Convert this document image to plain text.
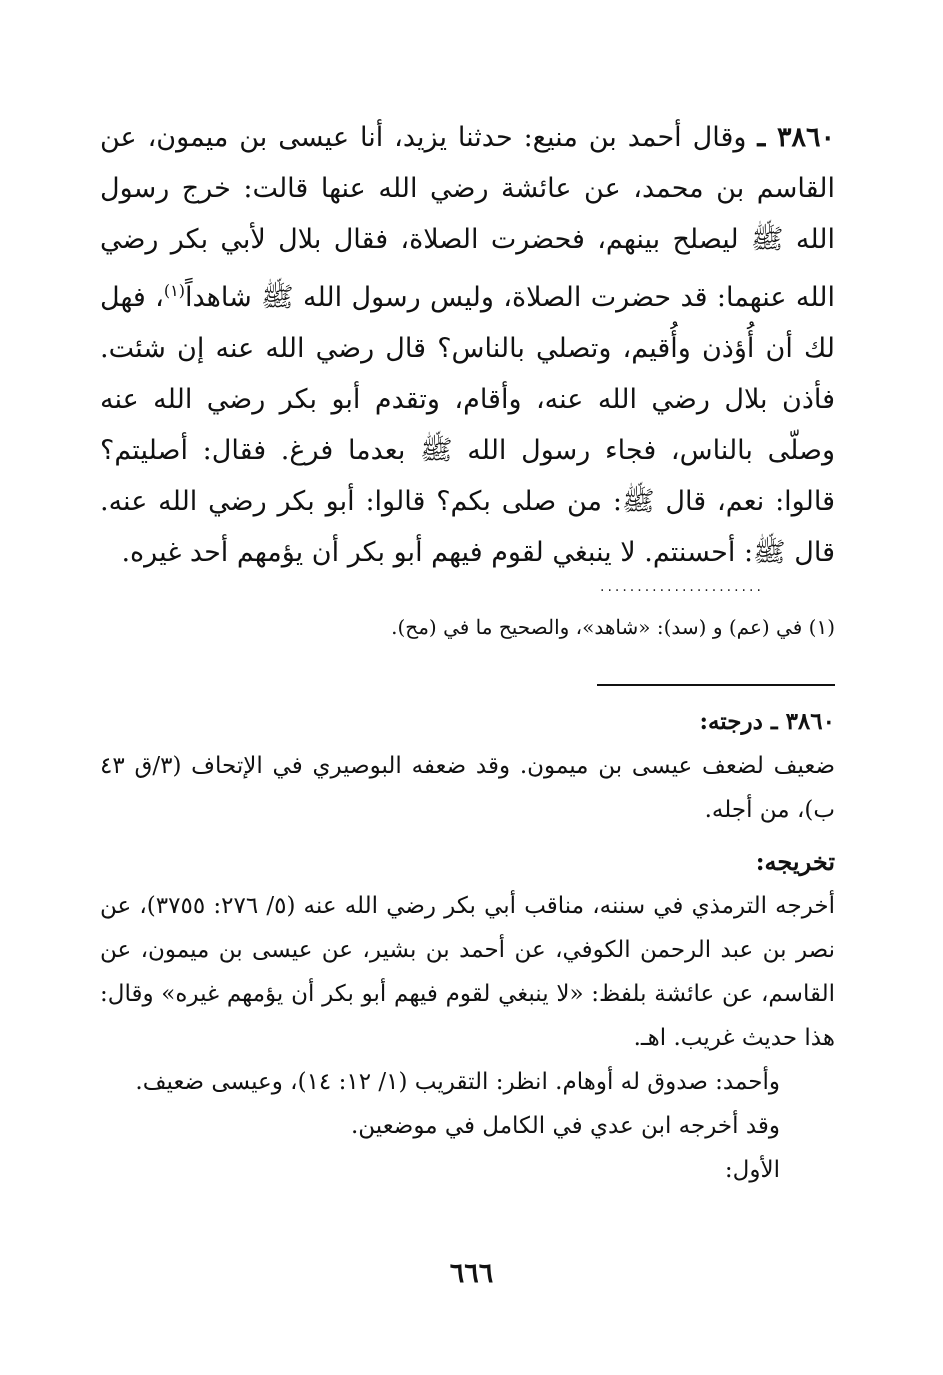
٣٨٦٠ ـ وقال أحمد بن منيع: حدثنا يزيد، أنا عيسى بن ميمون، عن القاسم بن محمد، عن عائشة رضي الله عنها قالت: خرج رسول الله ﷺ ليصلح بينهم، فحضرت الصلاة، فقال بلال لأبي بكر رضي الله عنهما: قد حضرت الصلاة، وليس رسول الله ﷺ شاهداً$^{(١)}$، فهل لك أن أُؤذن وأُقيم، وتصلي بالناس؟ قال رضي الله عنه إن شئت. فأذن بلال رضي الله عنه، وأقام، وتقدم أبو بكر رضي الله عنه وصلّى بالناس، فجاء رسول الله ﷺ بعدما فرغ. فقال: أصليتم؟ قالوا: نعم، قال ﷺ: من صلى بكم؟ قالوا: أبو بكر رضي الله عنه. قال ﷺ: أحسنتم. لا ينبغي لقوم فيهم أبو بكر أن يؤمهم أحد غيره.

......................
(١) في (عم) و (سد): «شاهد»، والصحيح ما في (مح).

٣٨٦٠ ـ درجته:

ضعيف لضعف عيسى بن ميمون. وقد ضعفه البوصيري في الإتحاف (٣/ق ٤٣ ب)، من أجله.

تخريجه:

أخرجه الترمذي في سننه، مناقب أبي بكر رضي الله عنه (٥/ ٢٧٦: ٣٧٥٥)، عن نصر بن عبد الرحمن الكوفي، عن أحمد بن بشير، عن عيسى بن ميمون، عن القاسم، عن عائشة بلفظ: «لا ينبغي لقوم فيهم أبو بكر أن يؤمهم غيره» وقال: هذا حديث غريب. اهـ.

وأحمد: صدوق له أوهام. انظر: التقريب (١/ ١٢: ١٤)، وعيسى ضعيف.

وقد أخرجه ابن عدي في الكامل في موضعين.

الأول:

٦٦٦
